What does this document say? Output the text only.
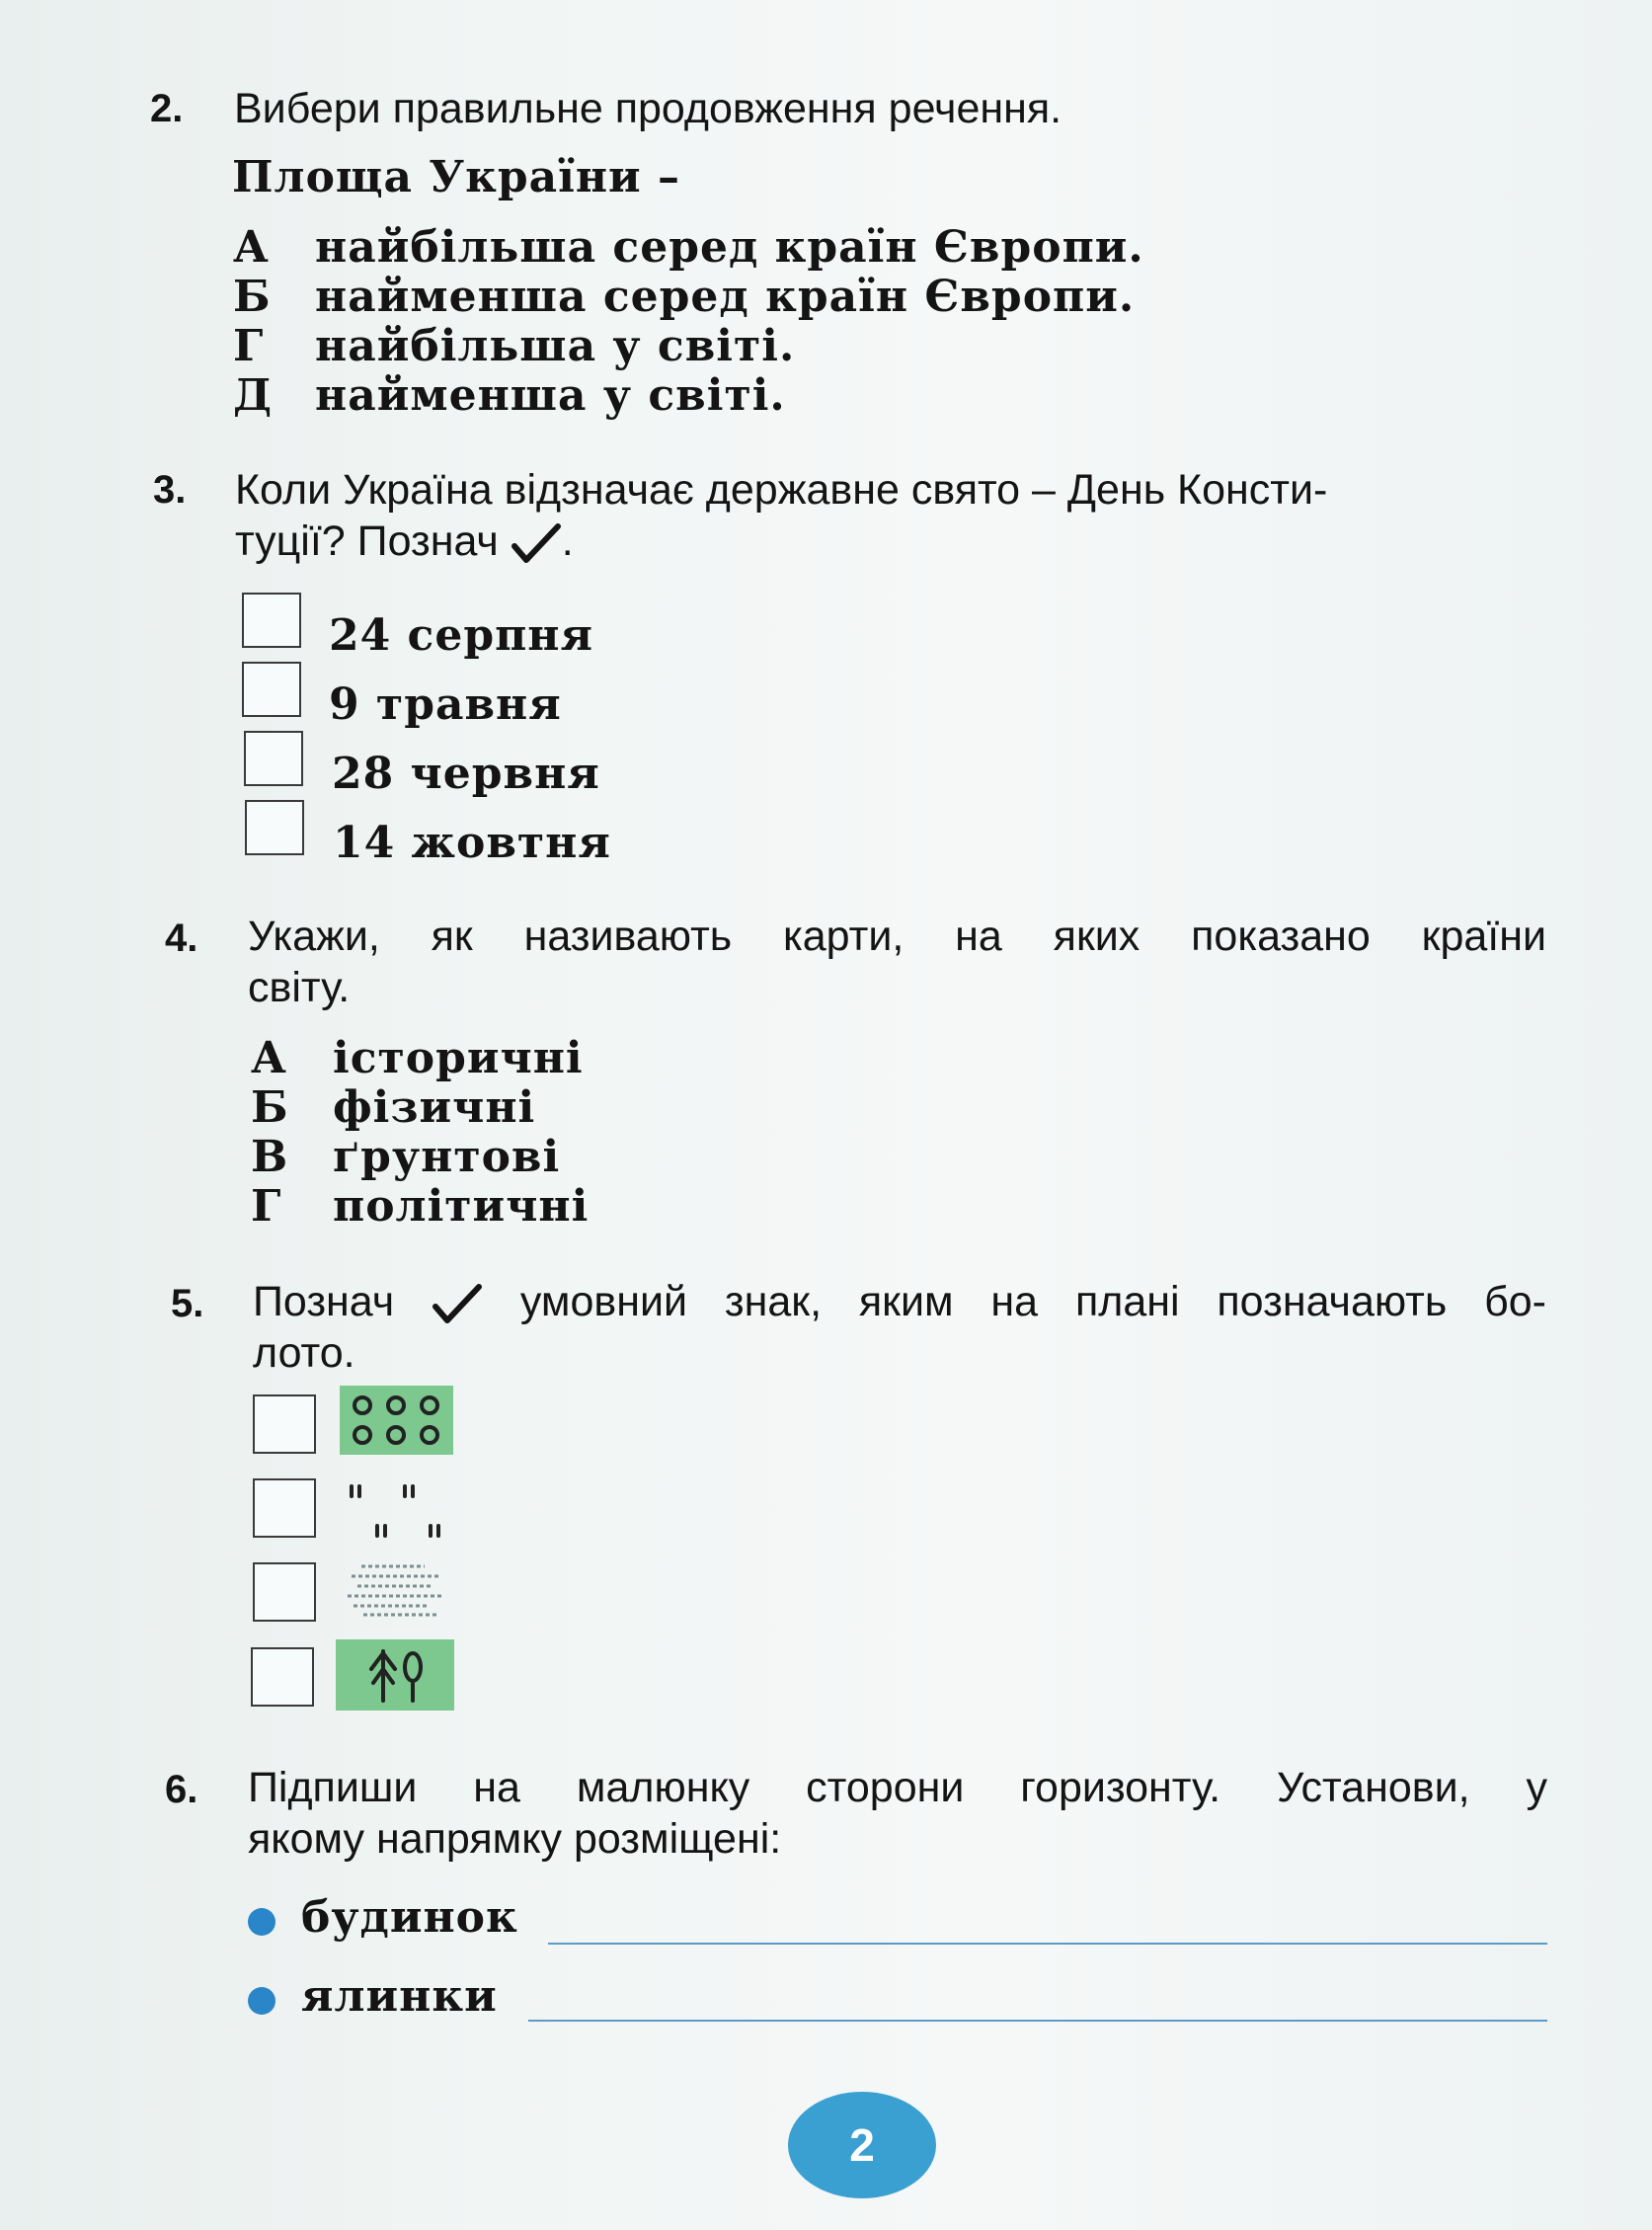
2. Вибери правильне продовження речення.
Площа України –
А найбільша серед країн Європи.
Б найменша серед країн Європи.
Г найбільша у світі.
Д найменша у світі.
3. Коли Україна відзначає державне свято – День Консти-
туції? Познач .
24 серпня
9 травня
28 червня
14 жовтня
4. Укажи, як називають карти, на яких показано країни
світу.
А історичні
Б фізичні
В ґрунтові
Г політичні
5. Познач	умовний знак, яким на плані позначають бо-
лото.
6. Підпиши на малюнку сторони горизонту. Установи, у
якому напрямку розміщені:
будинок
ялинки
2
